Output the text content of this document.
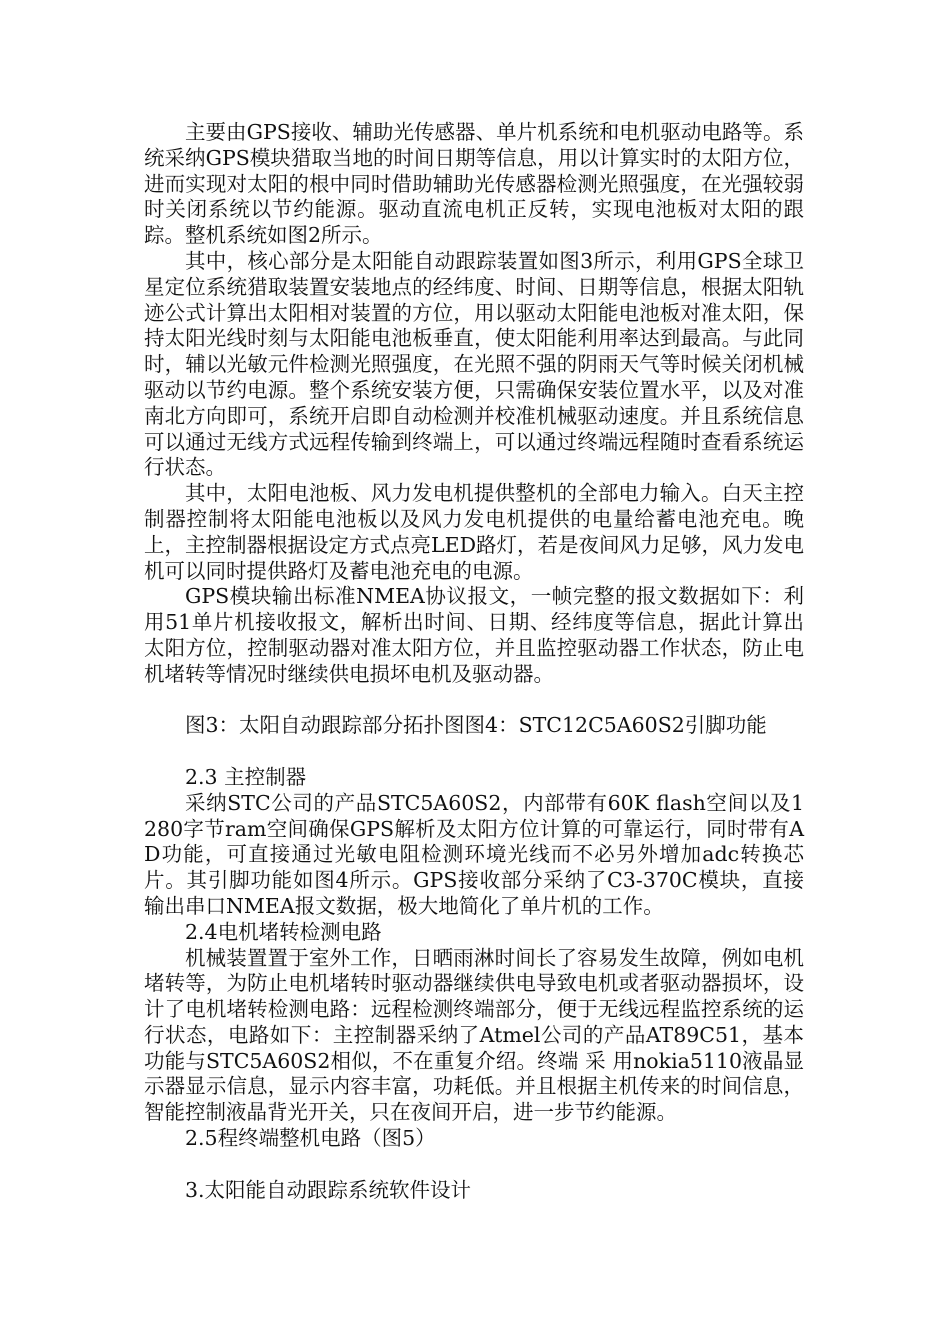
主要由GPS接收、辅助光传感器、单片机系统和电机驱动电路等。系统采纳GPS模块猎取当地的时间日期等信息，用以计算实时的太阳方位，进而实现对太阳的根中同时借助辅助光传感器检测光照强度，在光强较弱时关闭系统以节约能源。驱动直流电机正反转，实现电池板对太阳的跟踪。整机系统如图2所示。

其中，核心部分是太阳能自动跟踪装置如图3所示，利用GPS全球卫星定位系统猎取装置安装地点的经纬度、时间、日期等信息，根据太阳轨迹公式计算出太阳相对装置的方位，用以驱动太阳能电池板对准太阳，保持太阳光线时刻与太阳能电池板垂直，使太阳能利用率达到最高。与此同时，辅以光敏元件检测光照强度，在光照不强的阴雨天气等时候关闭机械驱动以节约电源。整个系统安装方便，只需确保安装位置水平，以及对准南北方向即可，系统开启即自动检测并校准机械驱动速度。并且系统信息可以通过无线方式远程传输到终端上，可以通过终端远程随时查看系统运行状态。

其中，太阳电池板、风力发电机提供整机的全部电力输入。白天主控制器控制将太阳能电池板以及风力发电机提供的电量给蓄电池充电。晚上，主控制器根据设定方式点亮LED路灯，若是夜间风力足够，风力发电机可以同时提供路灯及蓄电池充电的电源。

GPS模块输出标准NMEA协议报文，一帧完整的报文数据如下：利用51单片机接收报文，解析出时间、日期、经纬度等信息，据此计算出太阳方位，控制驱动器对准太阳方位，并且监控驱动器工作状态，防止电机堵转等情况时继续供电损坏电机及驱动器。

图3：太阳自动跟踪部分拓扑图图4：STC12C5A60S2引脚功能

2.3 主控制器

采纳STC公司的产品STC5A60S2，内部带有60K flash空间以及1280字节ram空间确保GPS解析及太阳方位计算的可靠运行，同时带有AD功能，可直接通过光敏电阻检测环境光线而不必另外增加adc转换芯片。其引脚功能如图4所示。GPS接收部分采纳了C3-370C模块，直接输出串口NMEA报文数据，极大地简化了单片机的工作。

2.4电机堵转检测电路

机械装置置于室外工作，日晒雨淋时间长了容易发生故障，例如电机堵转等，为防止电机堵转时驱动器继续供电导致电机或者驱动器损坏，设计了电机堵转检测电路：远程检测终端部分，便于无线远程监控系统的运行状态，电路如下：主控制器采纳了Atmel公司的产品AT89C51，基本功能与STC5A60S2相似，不在重复介绍。终端 采 用nokia5110液晶显示器显示信息，显示内容丰富，功耗低。并且根据主机传来的时间信息，智能控制液晶背光开关，只在夜间开启，进一步节约能源。

2.5程终端整机电路（图5）

3.太阳能自动跟踪系统软件设计
